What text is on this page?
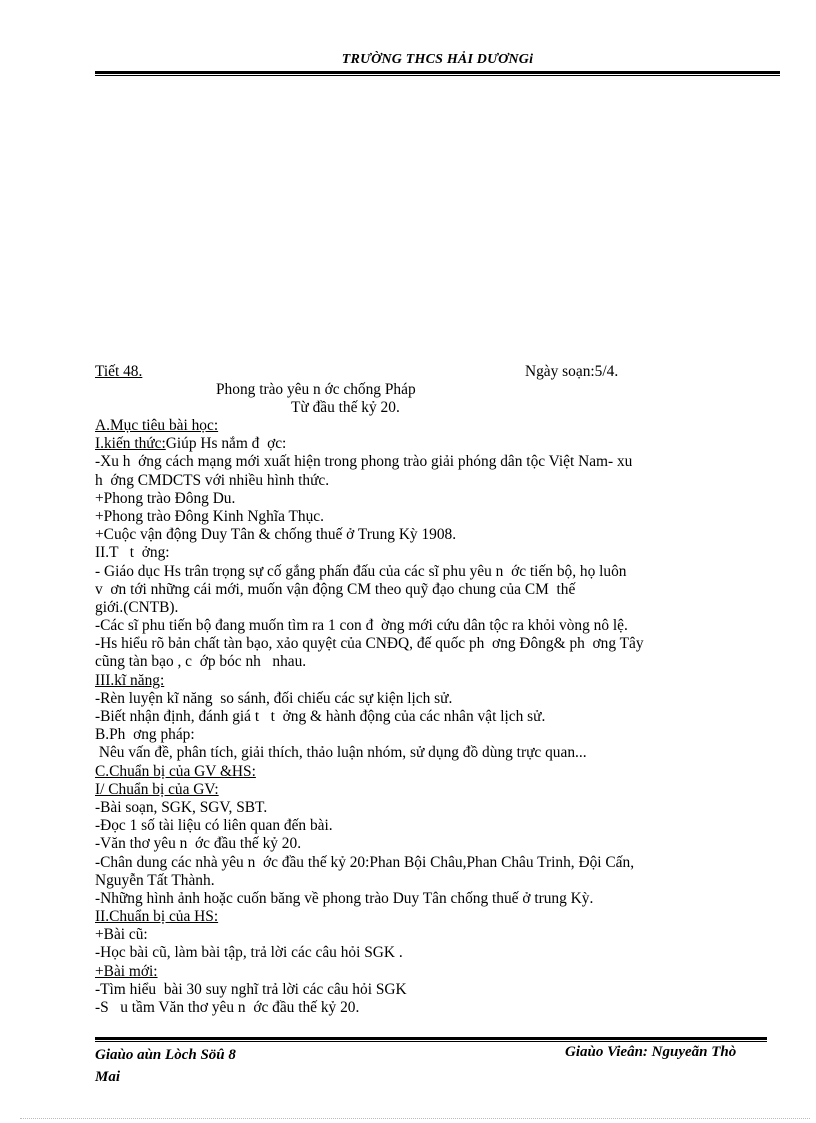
TRƯỜNG THCS HẢI DƯƠNGi
Tiết 48.	Ngày soạn:5/4.
Phong trào yêu n ớc chống Pháp
Từ đầu thế kỷ 20.
A.Mục tiêu bài học:
I.kiến thức:Giúp Hs nắm đ  ợc:
-Xu h  ớng cách mạng mới xuất hiện trong phong trào giải phóng dân tộc Việt Nam- xu
h  ớng CMDCTS với nhiều hình thức.
+Phong trào Đông Du.
+Phong trào Đông Kinh Nghĩa Thục.
+Cuộc vận động Duy Tân & chống thuế ở Trung Kỳ 1908.
II.T   t  ởng:
- Giáo dục Hs trân trọng sự cố gắng phấn đấu của các sĩ phu yêu n  ớc tiến bộ, họ luôn
v  ơn tới những cái mới, muốn vận động CM theo quỹ đạo chung của CM  thế
giới.(CNTB).
-Các sĩ phu tiến bộ đang muốn tìm ra 1 con đ  ờng mới cứu dân tộc ra khỏi vòng nô lệ.
-Hs hiểu rõ bản chất tàn bạo, xảo quyệt của CNĐQ, đế quốc ph  ơng Đông& ph  ơng Tây
cũng tàn bạo , c  ớp bóc nh   nhau.
III.kĩ năng:
-Rèn luyện kĩ năng  so sánh, đối chiếu các sự kiện lịch sử.
-Biết nhận định, đánh giá t   t  ởng & hành động của các nhân vật lịch sử.
B.Ph  ơng pháp:
Nêu vấn đề, phân tích, giải thích, thảo luận nhóm, sử dụng đồ dùng trực quan...
C.Chuẩn bị của GV &HS:
I/ Chuẩn bị của GV:
-Bài soạn, SGK, SGV, SBT.
-Đọc 1 số tài liệu có liên quan đến bài.
-Văn thơ yêu n  ớc đầu thế kỷ 20.
-Chân dung các nhà yêu n  ớc đầu thế kỷ 20:Phan Bội Châu,Phan Châu Trinh, Đội Cấn,
Nguyễn Tất Thành.
-Những hình ảnh hoặc cuốn băng về phong trào Duy Tân chống thuế ở trung Kỳ.
II.Chuẩn bị của HS:
+Bài cũ:
-Học bài cũ, làm bài tập, trả lời các câu hỏi SGK .
+Bài mới:
-Tìm hiểu  bài 30 suy nghĩ trả lời các câu hỏi SGK
-S   u tầm Văn thơ yêu n  ớc đầu thế kỷ 20.
Giaùo aùn Lòch Söû 8
Mai
Giaùo Vieân: Nguyeãn Thò
